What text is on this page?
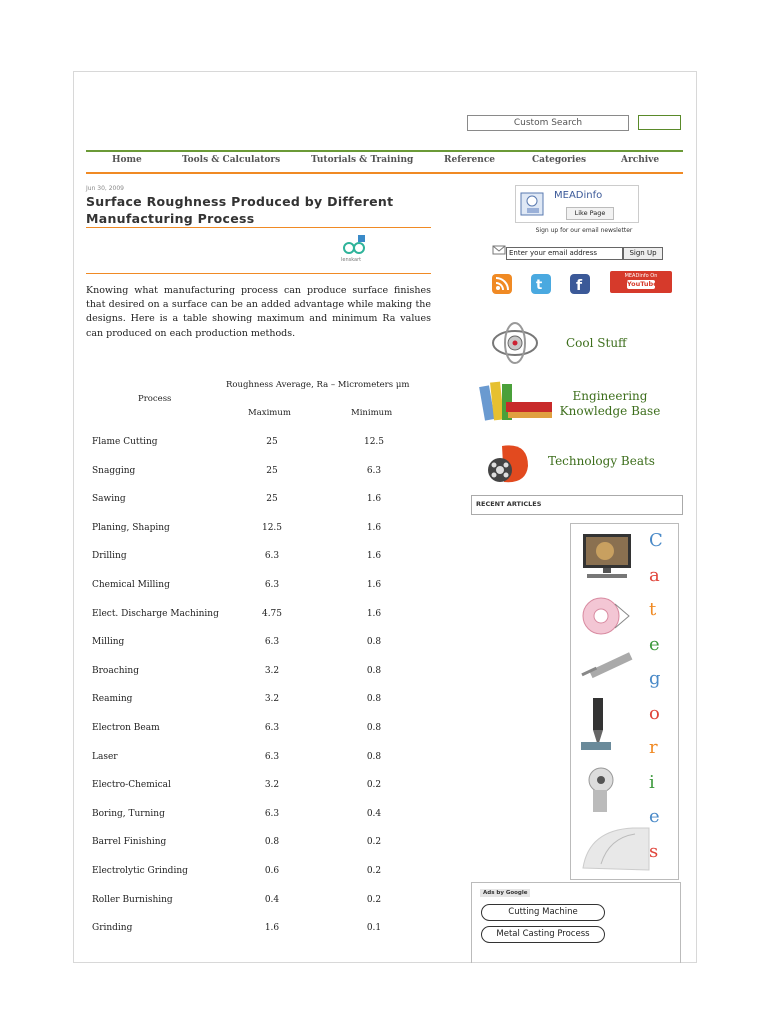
Custom Search
Home	Tools & Calculators	Tutorials & Training	Reference	Categories	Archive
Jun 30, 2009
Surface Roughness Produced by Different Manufacturing Process
lenskart
Knowing what manufacturing process can produce surface finishes that desired on a surface can be an added advantage while making the designs. Here is a table showing maximum and minimum Ra values can produced on each production methods.
Roughness Average, Ra – Micrometers μm
Process
Maximum	Minimum
Flame Cutting	25	12.5
Snagging	25	6.3
Sawing	25	1.6
Planing, Shaping	12.5	1.6
Drilling	6.3	1.6
Chemical Milling	6.3	1.6
Elect. Discharge Machining	4.75	1.6
Milling	6.3	0.8
Broaching	3.2	0.8
Reaming	3.2	0.8
Electron Beam	6.3	0.8
Laser	6.3	0.8
Electro-Chemical	3.2	0.2
Boring, Turning	6.3	0.4
Barrel Finishing	0.8	0.2
Electrolytic Grinding	0.6	0.2
Roller Burnishing	0.4	0.2
Grinding	1.6	0.1
MEADinfo
Like Page
Sign up for our email newsletter
Enter your email address	Sign Up
t f
MEADinfo On
YouTube
Cool Stuff
Engineering
Knowledge Base
Technology Beats
RECENT ARTICLES
C
a
t
e
g
o
r
i
e
s
Ads by Google
Cutting Machine
Metal Casting Process
